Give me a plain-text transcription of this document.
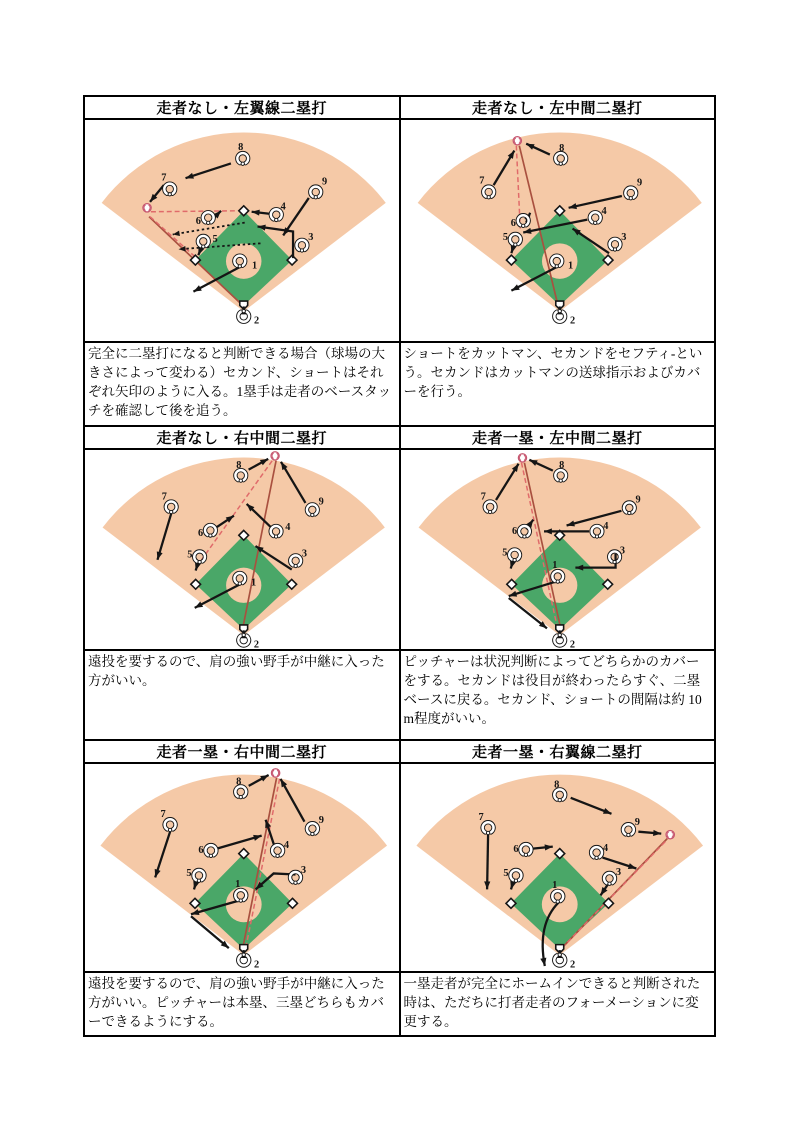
走者なし・左翼線二塁打	走者なし・左中間二塁打

1
2
3
4
5
6
7
8
9

1
2
3
4
5
6
7
8
9

完全に二塁打になると判断できる場合（球場の大きさによって変わる）セカンド、ショートはそれぞれ矢印のように入る。1塁手は走者のベースタッチを確認して後を追う。	ショートをカットマン、セカンドをセフティ-という。セカンドはカットマンの送球指示およびカバーを行う。

走者なし・右中間二塁打	走者一塁・左中間二塁打

1
2
3
4
5
6
7
8
9

1
2
3
4
5
6
7
8
9

遠投を要するので、肩の強い野手が中継に入った方がいい。	ピッチャーは状況判断によってどちらかのカバーをする。セカンドは役目が終わったらすぐ、二塁ベースに戻る。セカンド、ショートの間隔は約 10 m程度がいい。

走者一塁・右中間二塁打	走者一塁・右翼線二塁打

1
2
3
4
5
6
7
8
9

1
2
3
4
5
6
7
8
9

遠投を要するので、肩の強い野手が中継に入った方がいい。ピッチャーは本塁、三塁どちらもカバーできるようにする。	一塁走者が完全にホームインできると判断された時は、ただちに打者走者のフォーメーションに変更する。
